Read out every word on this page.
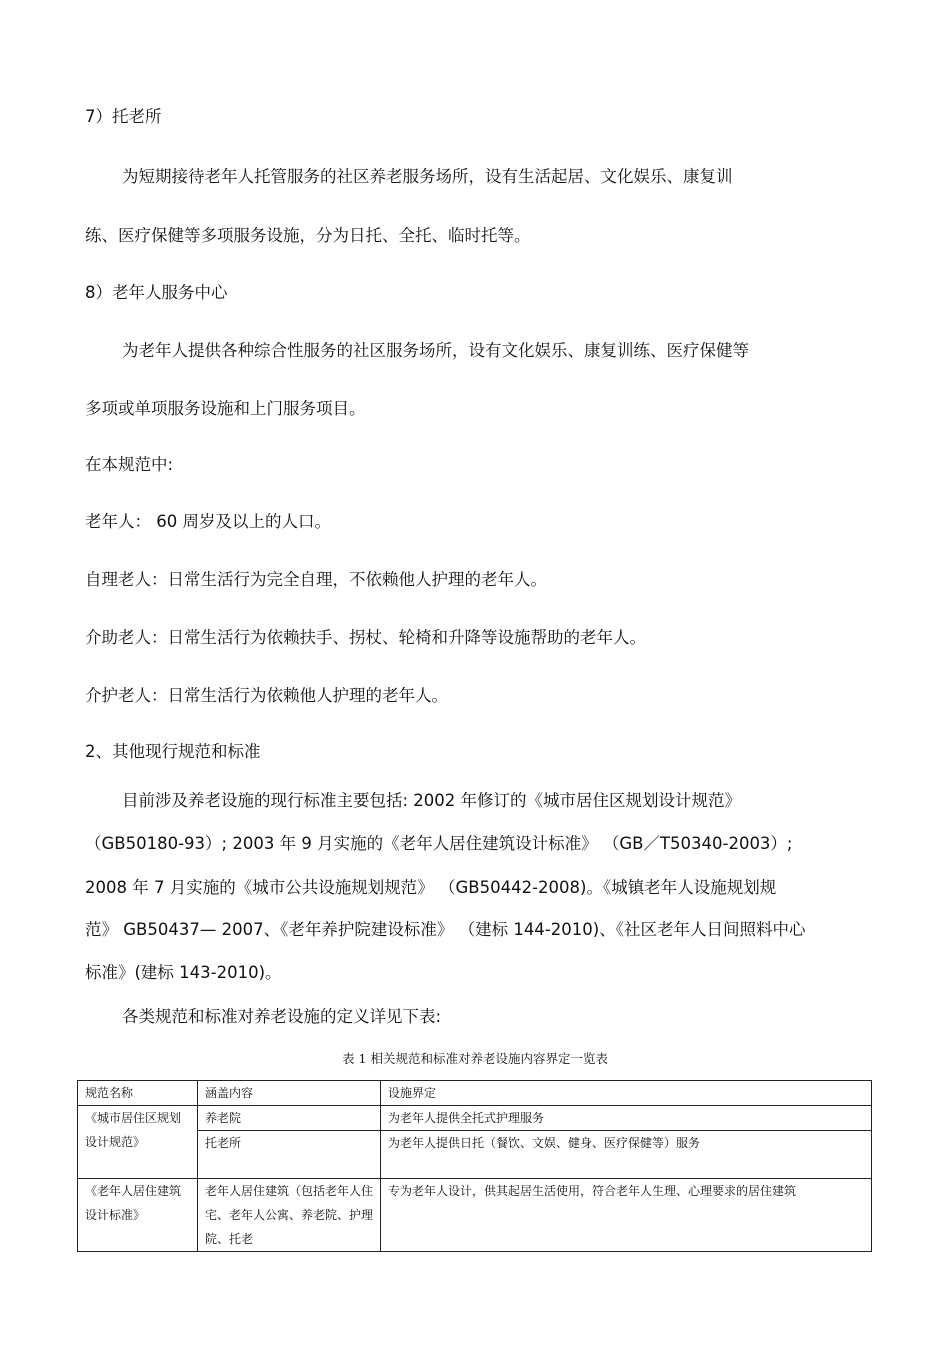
7）托老所
为短期接待老年人托管服务的社区养老服务场所，设有生活起居、文化娱乐、康复训
练、医疗保健等多项服务设施，分为日托、全托、临时托等。
8）老年人服务中心
为老年人提供各种综合性服务的社区服务场所，设有文化娱乐、康复训练、医疗保健等
多项或单项服务设施和上门服务项目。
在本规范中:
老年人： 60 周岁及以上的人口。
自理老人：日常生活行为完全自理，不依赖他人护理的老年人。
介助老人：日常生活行为依赖扶手、拐杖、轮椅和升降等设施帮助的老年人。
介护老人：日常生活行为依赖他人护理的老年人。
2、其他现行规范和标准
目前涉及养老设施的现行标准主要包括: 2002 年修订的《城市居住区规划设计规范》
（GB50180-93）; 2003 年 9 月实施的《老年人居住建筑设计标准》 （GB／T50340-2003）;
2008 年 7 月实施的《城市公共设施规划规范》 （GB50442-2008)。《城镇老年人设施规划规
范》 GB50437— 2007、《老年养护院建设标准》 （建标 144-2010)、《社区老年人日间照料中心
标准》(建标 143-2010)。
各类规范和标准对养老设施的定义详见下表:
表 1 相关规范和标准对养老设施内容界定一览表
规范名称	涵盖内容	设施界定
《城市居住区规划设计规范》	养老院	为老年人提供全托式护理服务
	托老所	为老年人提供日托（餐饮、文娱、健身、医疗保健等）服务
《老年人居住建筑设计标准》	老年人居住建筑（包括老年人住宅、老年人公寓、养老院、护理院、托老	专为老年人设计，供其起居生活使用，符合老年人生理、心理要求的居住建筑
